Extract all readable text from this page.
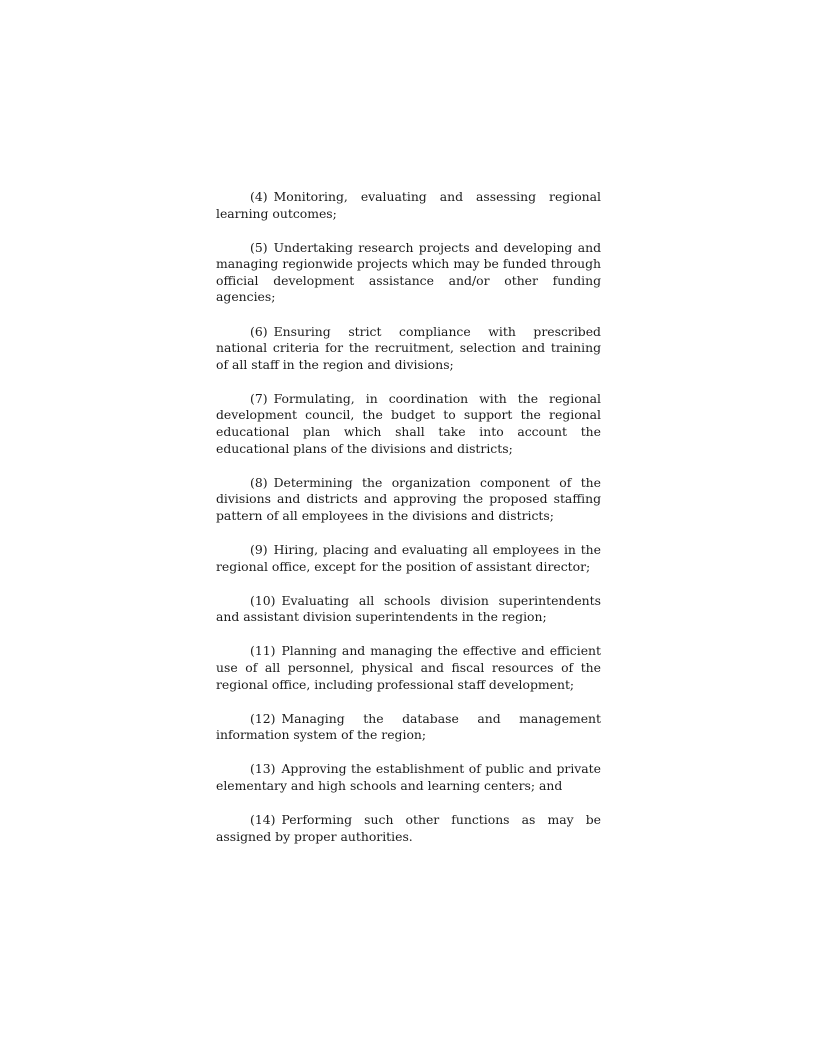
(4) Monitoring, evaluating and assessing regional learning outcomes;

(5) Undertaking research projects and developing and managing regionwide projects which may be funded through official development assistance and/or other funding agencies;

(6) Ensuring strict compliance with prescribed national criteria for the recruitment, selection and training of all staff in the region and divisions;

(7) Formulating, in coordination with the regional development council, the budget to support the regional educational plan which shall take into account the educational plans of the divisions and districts;

(8) Determining the organization component of the divisions and districts and approving the proposed staffing pattern of all employees in the divisions and districts;

(9) Hiring, placing and evaluating all employees in the regional office, except for the position of assistant director;

(10) Evaluating all schools division superintendents and assistant division superintendents in the region;

(11) Planning and managing the effective and efficient use of all personnel, physical and fiscal resources of the regional office, including professional staff development;

(12) Managing the database and management information system of the region;

(13) Approving the establishment of public and private elementary and high schools and learning centers; and

(14) Performing such other functions as may be assigned by proper authorities.
